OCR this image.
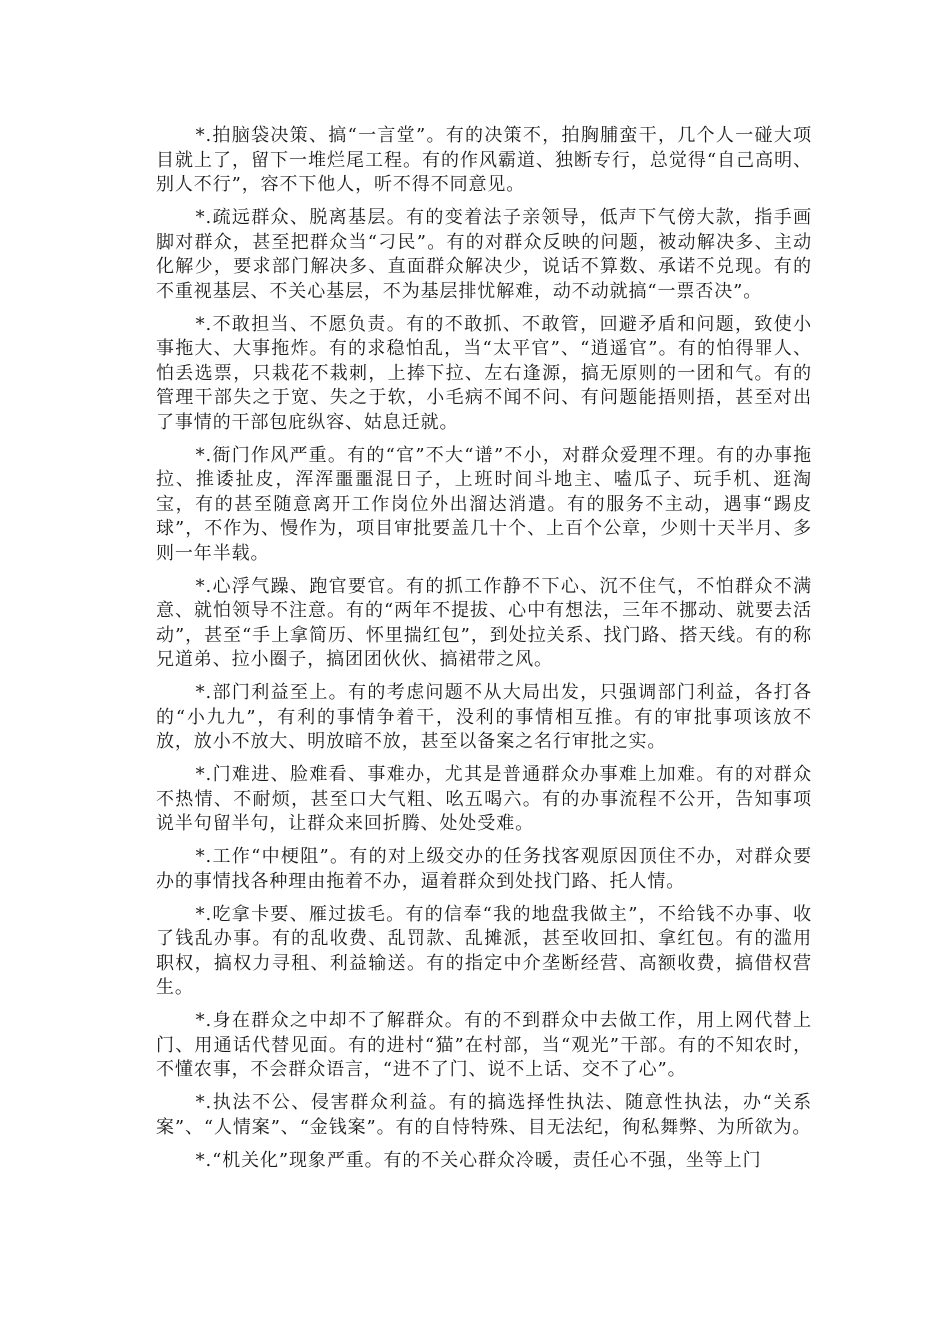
*.拍脑袋决策、搞“一言堂”。有的决策不，拍胸脯蛮干，几个人一碰大项目就上了，留下一堆烂尾工程。有的作风霸道、独断专行，总觉得“自己高明、别人不行”，容不下他人，听不得不同意见。

*.疏远群众、脱离基层。有的变着法子亲领导，低声下气傍大款，指手画脚对群众，甚至把群众当“刁民”。有的对群众反映的问题，被动解决多、主动化解少，要求部门解决多、直面群众解决少，说话不算数、承诺不兑现。有的不重视基层、不关心基层，不为基层排忧解难，动不动就搞“一票否决”。

*.不敢担当、不愿负责。有的不敢抓、不敢管，回避矛盾和问题，致使小事拖大、大事拖炸。有的求稳怕乱，当“太平官”、“逍遥官”。有的怕得罪人、怕丢选票，只栽花不栽刺，上捧下拉、左右逢源，搞无原则的一团和气。有的管理干部失之于宽、失之于软，小毛病不闻不问、有问题能捂则捂，甚至对出了事情的干部包庇纵容、姑息迁就。

*.衙门作风严重。有的“官”不大“谱”不小，对群众爱理不理。有的办事拖拉、推诿扯皮，浑浑噩噩混日子，上班时间斗地主、嗑瓜子、玩手机、逛淘宝，有的甚至随意离开工作岗位外出溜达消遣。有的服务不主动，遇事“踢皮球”，不作为、慢作为，项目审批要盖几十个、上百个公章，少则十天半月、多则一年半载。

*.心浮气躁、跑官要官。有的抓工作静不下心、沉不住气，不怕群众不满意、就怕领导不注意。有的“两年不提拔、心中有想法，三年不挪动、就要去活动”，甚至“手上拿简历、怀里揣红包”，到处拉关系、找门路、搭天线。有的称兄道弟、拉小圈子，搞团团伙伙、搞裙带之风。

*.部门利益至上。有的考虑问题不从大局出发，只强调部门利益，各打各的“小九九”，有利的事情争着干，没利的事情相互推。有的审批事项该放不放，放小不放大、明放暗不放，甚至以备案之名行审批之实。

*.门难进、脸难看、事难办，尤其是普通群众办事难上加难。有的对群众不热情、不耐烦，甚至口大气粗、吆五喝六。有的办事流程不公开，告知事项说半句留半句，让群众来回折腾、处处受难。

*.工作“中梗阻”。有的对上级交办的任务找客观原因顶住不办，对群众要办的事情找各种理由拖着不办，逼着群众到处找门路、托人情。

*.吃拿卡要、雁过拔毛。有的信奉“我的地盘我做主”，不给钱不办事、收了钱乱办事。有的乱收费、乱罚款、乱摊派，甚至收回扣、拿红包。有的滥用职权，搞权力寻租、利益输送。有的指定中介垄断经营、高额收费，搞借权营生。

*.身在群众之中却不了解群众。有的不到群众中去做工作，用上网代替上门、用通话代替见面。有的进村“猫”在村部，当“观光”干部。有的不知农时，不懂农事，不会群众语言，“进不了门、说不上话、交不了心”。

*.执法不公、侵害群众利益。有的搞选择性执法、随意性执法，办“关系案”、“人情案”、“金钱案”。有的自恃特殊、目无法纪，徇私舞弊、为所欲为。

*.“机关化”现象严重。有的不关心群众冷暖，责任心不强，坐等上门
